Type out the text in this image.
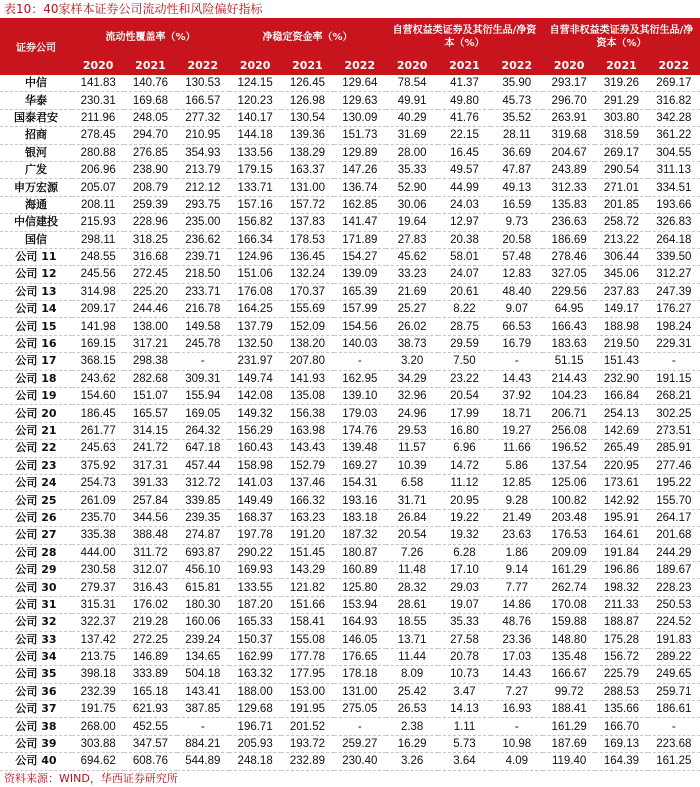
表10：40家样本证券公司流动性和风险偏好指标
证券公司	流动性覆盖率（%）			净稳定资金率（%）			自营权益类证券及其衍生品/净资本（%）			自营非权益类证券及其衍生品/净资本（%）		
	2020	2021	2022	2020	2021	2022	2020	2021	2022	2020	2021	2022
中信	141.83	140.76	130.53	124.15	126.45	129.64	78.54	41.37	35.90	293.17	319.26	269.17
华泰	230.31	169.68	166.57	120.23	126.98	129.63	49.91	49.80	45.73	296.70	291.29	316.82
国泰君安	211.96	248.05	277.32	140.17	130.54	130.09	40.29	41.76	35.52	263.91	303.80	342.28
招商	278.45	294.70	210.95	144.18	139.36	151.73	31.69	22.15	28.11	319.68	318.59	361.22
银河	280.88	276.85	354.93	133.56	138.29	129.89	28.00	16.45	36.69	204.67	269.17	304.55
广发	206.96	238.90	213.79	179.15	163.37	147.26	35.33	49.57	47.87	243.89	290.54	311.13
申万宏源	205.07	208.79	212.12	133.71	131.00	136.74	52.90	44.99	49.13	312.33	271.01	334.51
海通	208.11	259.39	293.75	157.16	157.72	162.85	30.06	24.03	16.59	135.83	201.85	193.66
中信建投	215.93	228.96	235.00	156.82	137.83	141.47	19.64	12.97	9.73	236.63	258.72	326.83
国信	298.11	318.25	236.62	166.34	178.53	171.89	27.83	20.38	20.58	186.69	213.22	264.18
公司 11	248.55	316.68	239.71	124.96	136.45	154.27	45.62	58.01	57.48	278.46	306.44	339.50
公司 12	245.56	272.45	218.50	151.06	132.24	139.09	33.23	24.07	12.83	327.05	345.06	312.27
公司 13	314.98	225.20	233.71	176.08	170.37	165.39	21.69	20.61	48.40	229.56	237.83	247.39
公司 14	209.17	244.46	216.78	164.25	155.69	157.99	25.27	8.22	9.07	64.95	149.17	176.27
公司 15	141.98	138.00	149.58	137.79	152.09	154.56	26.02	28.75	66.53	166.43	188.98	198.24
公司 16	169.15	317.21	245.78	132.50	138.20	140.03	38.73	29.59	16.79	183.63	219.50	229.31
公司 17	368.15	298.38	-	231.97	207.80	-	3.20	7.50	-	51.15	151.43	-
公司 18	243.62	282.68	309.31	149.74	141.93	162.95	34.29	23.22	14.43	214.43	232.90	191.15
公司 19	154.60	151.07	155.94	142.08	135.08	139.10	32.96	20.54	37.92	104.23	166.84	268.21
公司 20	186.45	165.57	169.05	149.32	156.38	179.03	24.96	17.99	18.71	206.71	254.13	302.25
公司 21	261.77	314.15	264.32	156.29	163.98	174.76	29.53	16.80	19.27	256.08	142.69	273.51
公司 22	245.63	241.72	647.18	160.43	143.43	139.48	11.57	6.96	11.66	196.52	265.49	285.91
公司 23	375.92	317.31	457.44	158.98	152.79	169.27	10.39	14.72	5.86	137.54	220.95	277.46
公司 24	254.73	391.33	312.72	141.03	137.46	154.31	6.58	11.12	12.85	125.06	173.61	195.22
公司 25	261.09	257.84	339.85	149.49	166.32	193.16	31.71	20.95	9.28	100.82	142.92	155.70
公司 26	235.70	344.56	239.35	168.37	163.23	183.18	26.84	19.22	21.49	203.48	195.91	264.17
公司 27	335.38	388.48	274.87	197.78	191.20	187.32	20.54	19.32	23.63	176.53	164.61	201.68
公司 28	444.00	311.72	693.87	290.22	151.45	180.87	7.26	6.28	1.86	209.09	191.84	244.29
公司 29	230.58	312.07	456.10	169.93	143.29	160.89	11.48	17.10	9.14	161.29	196.86	189.67
公司 30	279.37	316.43	615.81	133.55	121.82	125.80	28.32	29.03	7.77	262.74	198.32	228.23
公司 31	315.31	176.02	180.30	187.20	151.66	153.94	28.61	19.07	14.86	170.08	211.33	250.53
公司 32	322.37	219.28	160.06	165.33	158.41	164.93	18.55	35.33	48.76	159.88	188.87	224.52
公司 33	137.42	272.25	239.24	150.37	155.08	146.05	13.71	27.58	23.36	148.80	175.28	191.83
公司 34	213.75	146.89	134.65	162.99	177.78	176.65	11.44	20.78	17.03	135.48	156.72	289.22
公司 35	398.18	333.89	504.18	163.32	177.95	178.18	8.09	10.73	14.43	166.67	225.79	249.65
公司 36	232.39	165.18	143.41	188.00	153.00	131.00	25.42	3.47	7.27	99.72	288.53	259.71
公司 37	191.75	621.93	387.85	129.68	191.95	275.05	26.53	14.13	16.93	188.41	135.66	186.61
公司 38	268.00	452.55	-	196.71	201.52	-	2.38	1.11	-	161.29	166.70	-
公司 39	303.88	347.57	884.21	205.93	193.72	259.27	16.29	5.73	10.98	187.69	169.13	223.68
公司 40	694.62	608.76	544.89	248.18	232.89	230.40	3.26	3.64	4.09	119.40	164.39	161.25
资料来源：WIND，华西证券研究所
